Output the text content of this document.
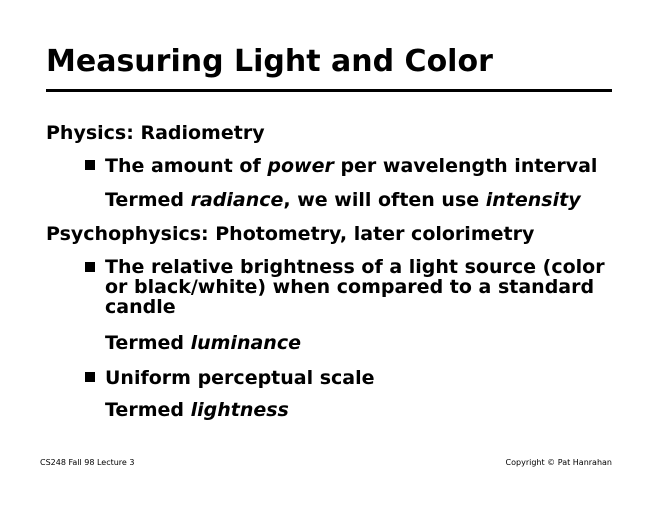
Measuring Light and Color
Physics: Radiometry
The amount of power per wavelength interval
Termed radiance, we will often use intensity
Psychophysics: Photometry, later colorimetry
The relative brightness of a light source (color or black/white) when compared to a standard candle
Termed luminance
Uniform perceptual scale
Termed lightness
CS248 Fall 98 Lecture 3	Copyright © Pat Hanrahan
